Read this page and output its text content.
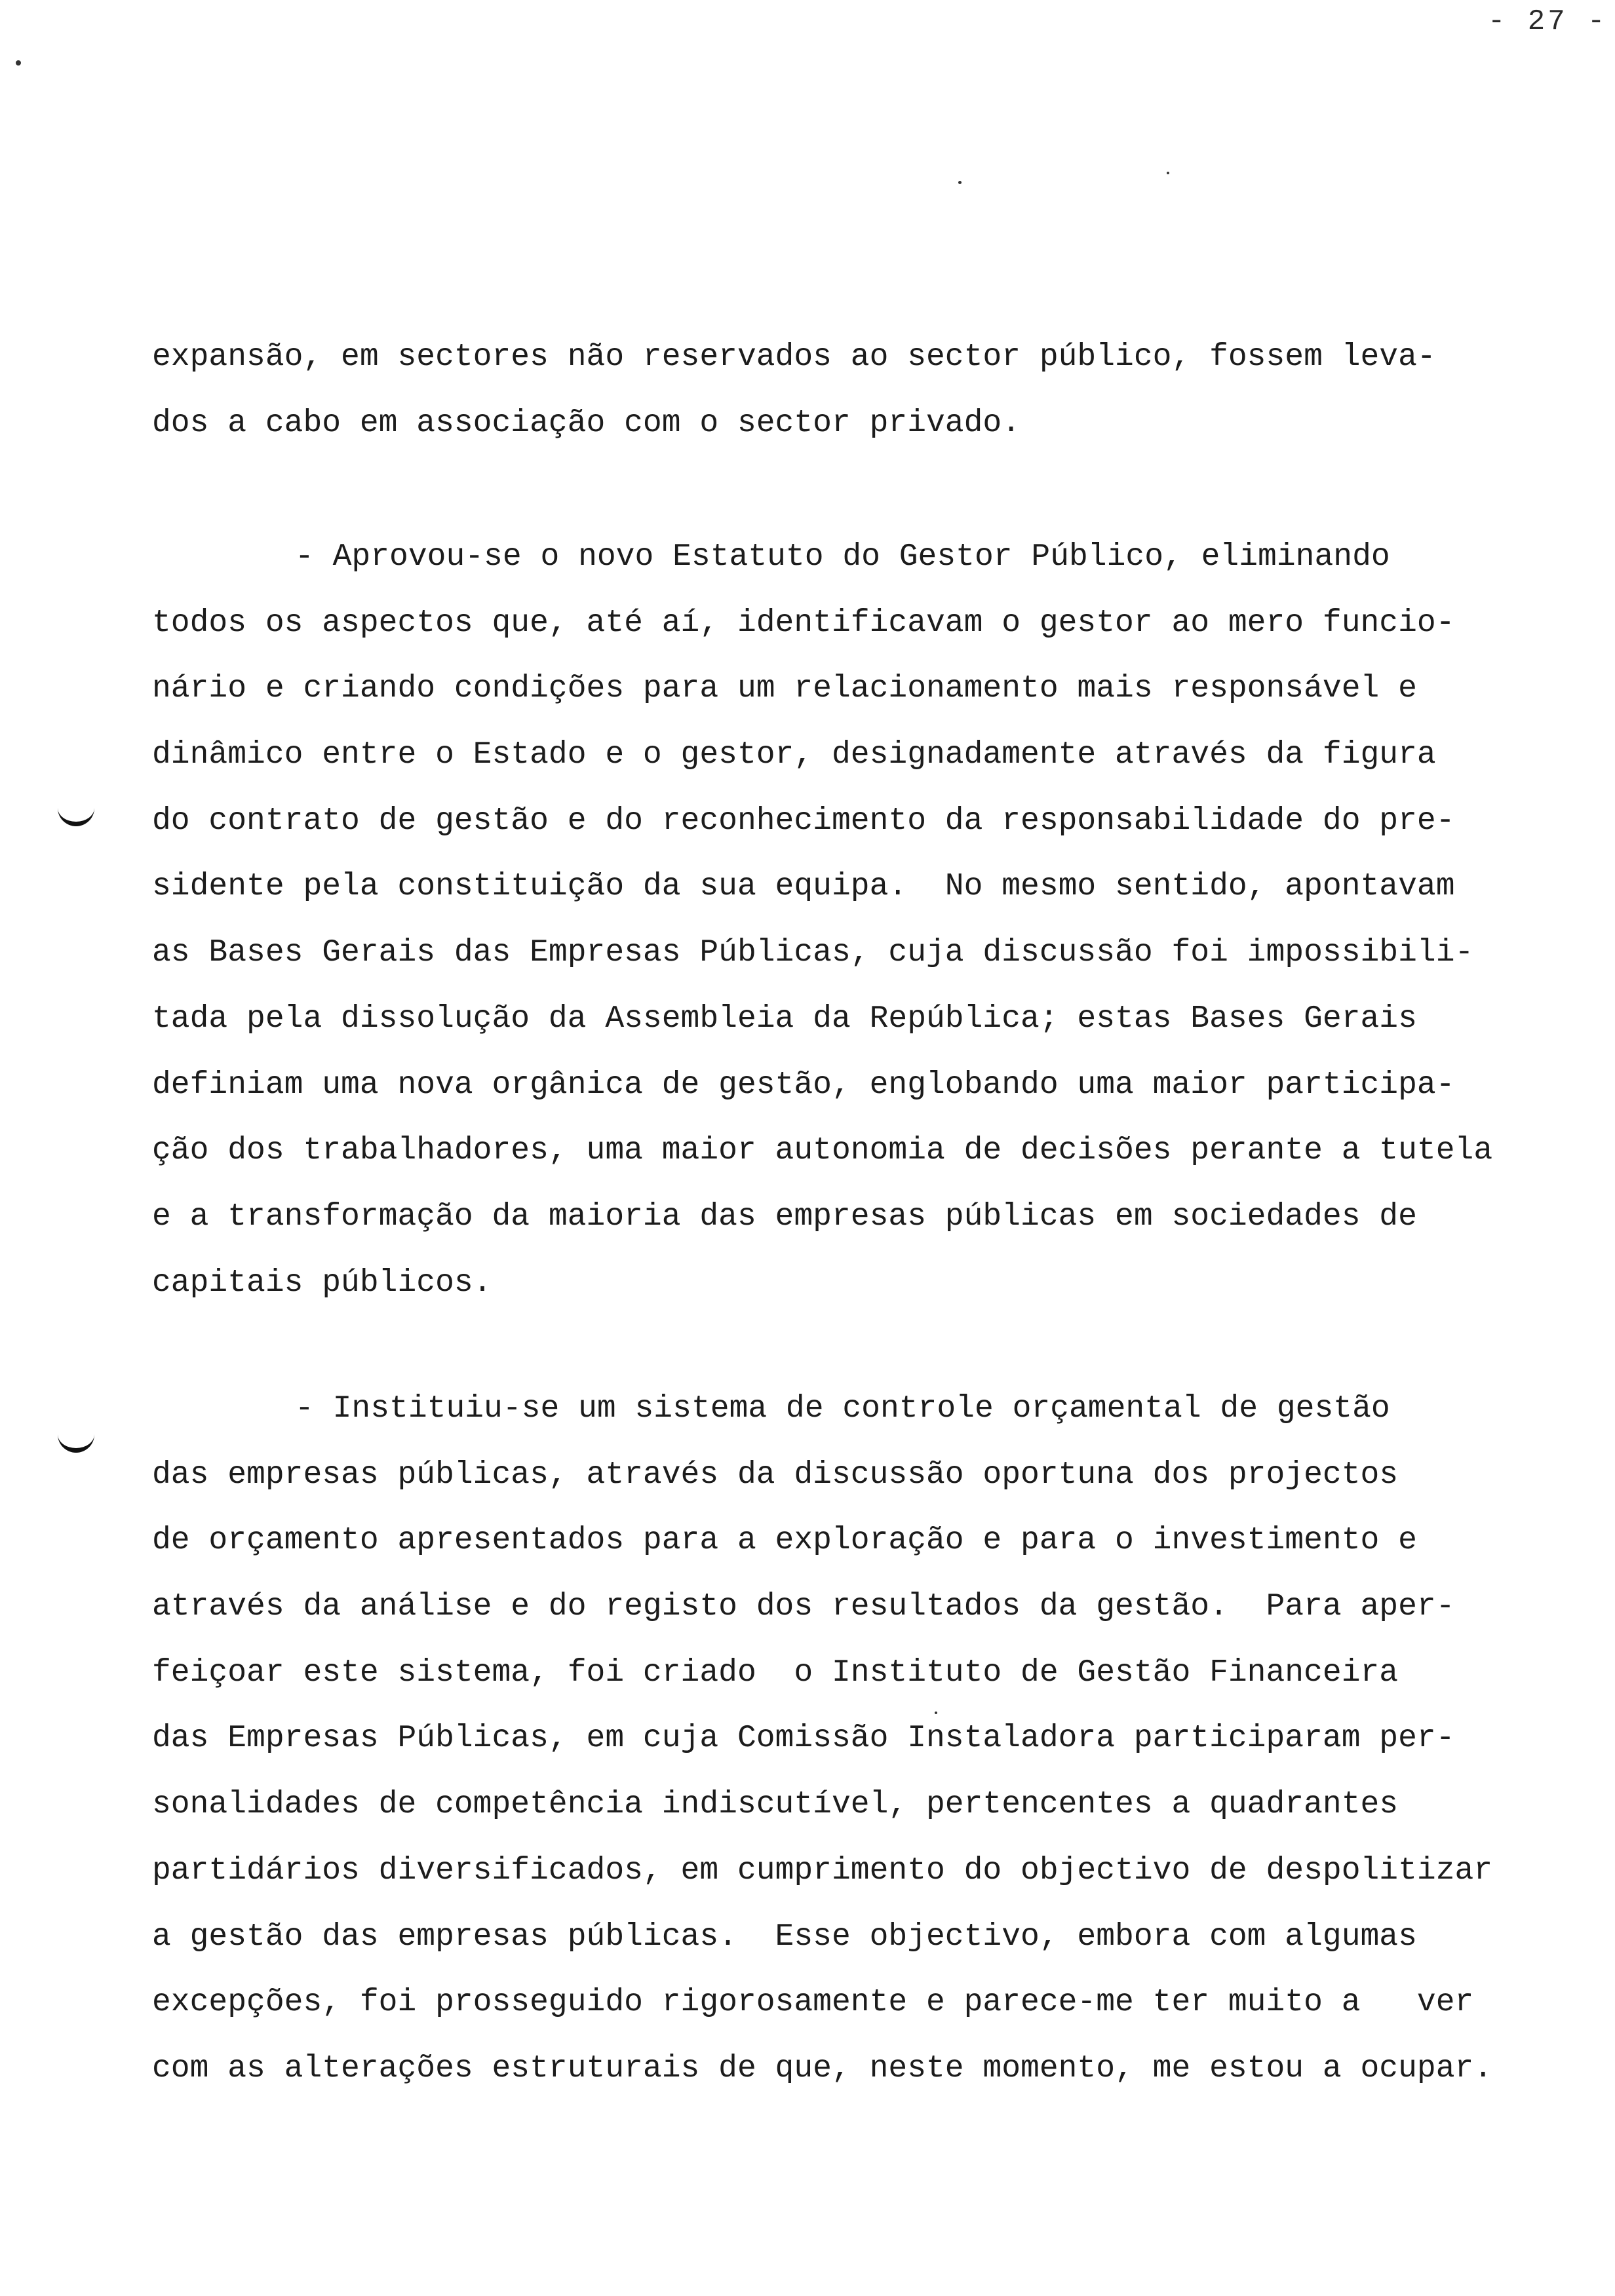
- 27 -
expansão, em sectores não reservados ao sector público, fossem leva-
dos a cabo em associação com o sector privado.
- Aprovou-se o novo Estatuto do Gestor Público, eliminando
todos os aspectos que, até aí, identificavam o gestor ao mero funcio-
nário e criando condições para um relacionamento mais responsável e
dinâmico entre o Estado e o gestor, designadamente através da figura
do contrato de gestão e do reconhecimento da responsabilidade do pre-
sidente pela constituição da sua equipa.  No mesmo sentido, apontavam
as Bases Gerais das Empresas Públicas, cuja discussão foi impossibili-
tada pela dissolução da Assembleia da República; estas Bases Gerais
definiam uma nova orgânica de gestão, englobando uma maior participa-
ção dos trabalhadores, uma maior autonomia de decisões perante a tutela
e a transformação da maioria das empresas públicas em sociedades de
capitais públicos.
- Instituiu-se um sistema de controle orçamental de gestão
das empresas públicas, através da discussão oportuna dos projectos
de orçamento apresentados para a exploração e para o investimento e
através da análise e do registo dos resultados da gestão.  Para aper-
feiçoar este sistema, foi criado  o Instituto de Gestão Financeira
das Empresas Públicas, em cuja Comissão Instaladora participaram per-
sonalidades de competência indiscutível, pertencentes a quadrantes
partidários diversificados, em cumprimento do objectivo de despolitizar
a gestão das empresas públicas.  Esse objectivo, embora com algumas
excepções, foi prosseguido rigorosamente e parece-me ter muito a   ver
com as alterações estruturais de que, neste momento, me estou a ocupar.
